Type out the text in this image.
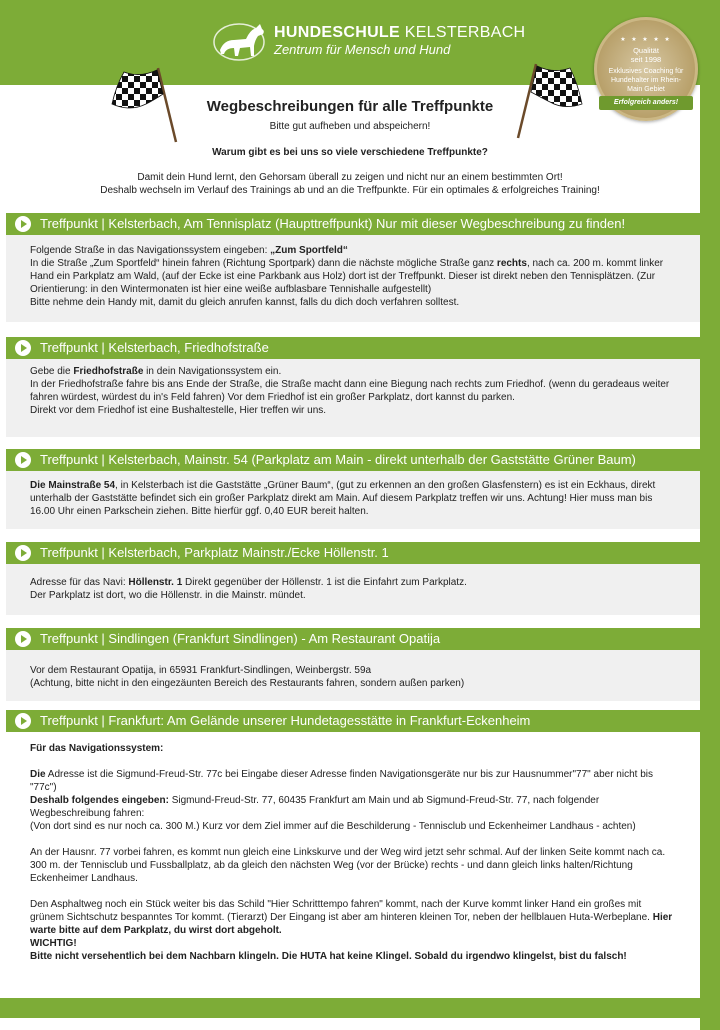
HUNDESCHULE KELSTERBACH
Zentrum für Mensch und Hund
★ ★ ★ ★ ★
Qualität
seit 1998
Exklusives Coaching für Hundehalter im Rhein-Main Gebiet
Erfolgreich anders!
Wegbeschreibungen für alle Treffpunkte
Bitte gut aufheben und abspeichern!
Warum gibt es bei uns so viele verschiedene Treffpunkte?
Damit dein Hund lernt, den Gehorsam überall zu zeigen und nicht nur an einem bestimmten Ort!
Deshalb wechseln im Verlauf des Trainings ab und an die Treffpunkte. Für ein optimales & erfolgreiches Training!
Treffpunkt | Kelsterbach, Am Tennisplatz (Haupttreffpunkt) Nur mit dieser Wegbeschreibung zu finden!

Folgende Straße in das Navigationssystem eingeben: „Zum Sportfeld“

In die Straße „Zum Sportfeld“ hinein fahren (Richtung Sportpark) dann die nächste mögliche Straße ganz rechts, nach ca. 200 m. kommt linker Hand ein Parkplatz am Wald, (auf der Ecke ist eine Parkbank aus Holz) dort ist der Treffpunkt. Dieser ist direkt neben den Tennisplätzen. (Zur Orientierung: in den Wintermonaten ist hier eine weiße aufblasbare Tennishalle aufgestellt)

Bitte nehme dein Handy mit, damit du gleich anrufen kannst, falls du dich doch verfahren solltest.

Treffpunkt | Kelsterbach, Friedhofstraße

Gebe die Friedhofstraße in dein Navigationssystem ein.

In der Friedhofstraße fahre bis ans Ende der Straße, die Straße macht dann eine Biegung nach rechts zum Friedhof. (wenn du geradeaus weiter fahren würdest, würdest du in's Feld fahren) Vor dem Friedhof ist ein großer Parkplatz, dort kannst du parken.

Direkt vor dem Friedhof ist eine Bushaltestelle, Hier treffen wir uns.

Treffpunkt | Kelsterbach, Mainstr. 54 (Parkplatz am Main - direkt unterhalb der Gaststätte Grüner Baum)

Die Mainstraße 54, in Kelsterbach ist die Gaststätte „Grüner Baum“, (gut zu erkennen an den großen Glasfenstern) es ist ein Eckhaus, direkt unterhalb der Gaststätte befindet sich ein großer Parkplatz direkt am Main. Auf diesem Parkplatz treffen wir uns. Achtung! Hier muss man bis 16.00 Uhr einen Parkschein ziehen. Bitte hierfür ggf. 0,40 EUR bereit halten.

Treffpunkt | Kelsterbach, Parkplatz Mainstr./Ecke Höllenstr. 1

Adresse für das Navi: Höllenstr. 1 Direkt gegenüber der Höllenstr. 1 ist die Einfahrt zum Parkplatz.

Der Parkplatz ist dort, wo die Höllenstr. in die Mainstr. mündet.

Treffpunkt | Sindlingen (Frankfurt Sindlingen) - Am Restaurant Opatija

Vor dem Restaurant Opatija, in 65931 Frankfurt-Sindlingen, Weinbergstr. 59a

(Achtung, bitte nicht in den eingezäunten Bereich des Restaurants fahren, sondern außen parken)

Treffpunkt | Frankfurt: Am Gelände unserer Hundetagesstätte in Frankfurt-Eckenheim

Für das Navigationssystem:

Die Adresse ist die Sigmund-Freud-Str. 77c bei Eingabe dieser Adresse finden Navigationsgeräte nur bis zur Hausnummer"77" aber nicht bis "77c")

Deshalb folgendes eingeben: Sigmund-Freud-Str. 77, 60435 Frankfurt am Main und ab Sigmund-Freud-Str. 77, nach folgender Wegbeschreibung fahren:

(Von dort sind es nur noch ca. 300 M.) Kurz vor dem Ziel immer auf die Beschilderung - Tennisclub und Eckenheimer Landhaus - achten)

An der Hausnr. 77 vorbei fahren, es kommt nun gleich eine Linkskurve und der Weg wird jetzt sehr schmal. Auf der linken Seite kommt nach ca. 300 m. der Tennisclub und Fussballplatz, ab da gleich den nächsten Weg (vor der Brücke) rechts - und dann gleich links halten/Richtung Eckenheimer Landhaus.

Den Asphaltweg noch ein Stück weiter bis das Schild "Hier Schritttempo fahren" kommt, nach der Kurve kommt linker Hand ein großes mit grünem Sichtschutz bespanntes Tor kommt. (Tierarzt) Der Eingang ist aber am hinteren kleinen Tor, neben der hellblauen Huta-Werbeplane. Hier warte bitte auf dem Parkplatz, du wirst dort abgeholt.

WICHTIG!

Bitte nicht versehentlich bei dem Nachbarn klingeln. Die HUTA hat keine Klingel. Sobald du irgendwo klingelst, bist du falsch!
